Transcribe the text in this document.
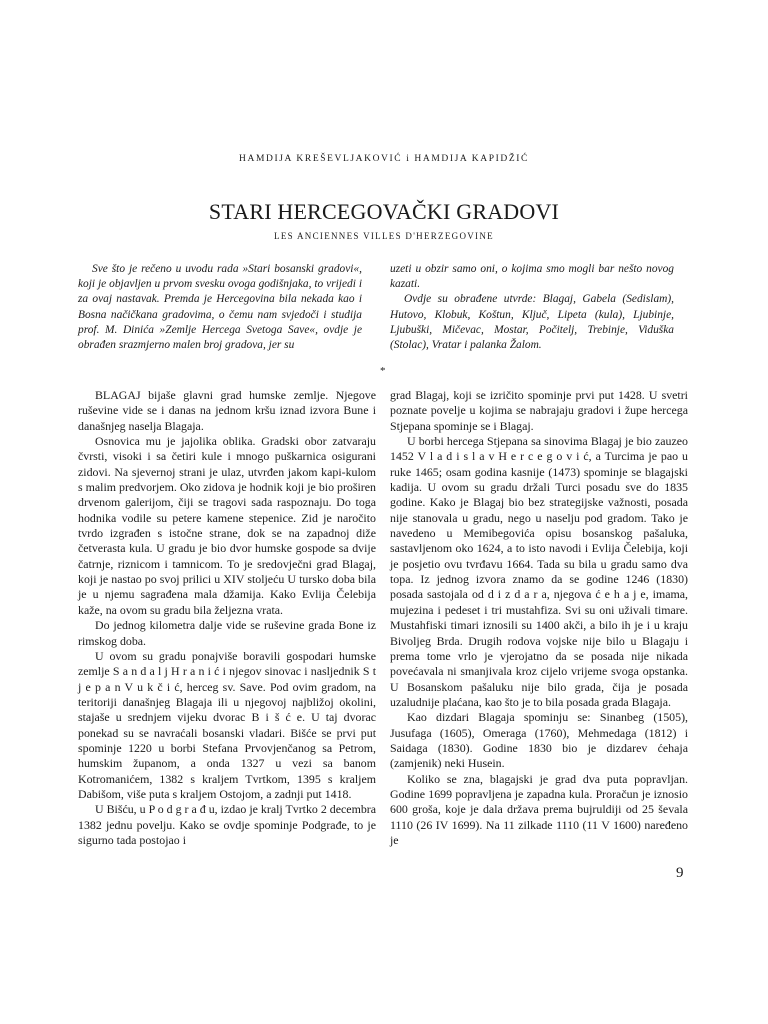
HAMDIJA KREŠEVLJAKOVIĆ i HAMDIJA KAPIDŽIĆ
STARI HERCEGOVAČKI GRADOVI
LES ANCIENNES VILLES D'HERZEGOVINE

Sve što je rečeno u uvodu rada »Stari bosanski gradovi«, koji je objavljen u prvom svesku ovoga godišnjaka, to vrijedi i za ovaj nastavak. Premda je Hercegovina bila nekada kao i Bosna načičkana gradovima, o čemu nam svjedoči i studija prof. M. Dinića »Zemlje Hercega Svetoga Save«, ovdje je obrađen srazmjerno malen broj gradova, jer su

uzeti u obzir samo oni, o kojima smo mogli bar nešto novog kazati.

Ovdje su obrađene utvrde: Blagaj, Gabela (Sedislam), Hutovo, Klobuk, Koštun, Ključ, Lipeta (kula), Ljubinje, Ljubuški, Mičevac, Mostar, Počitelj, Trebinje, Viduška (Stolac), Vratar i palanka Žalom.

*

BLAGAJ bijaše glavni grad humske zemlje. Njegove ruševine vide se i danas na jednom kršu iznad izvora Bune i današnjeg naselja Blagaja.

Osnovica mu je jajolika oblika. Gradski obor zatvaraju čvrsti, visoki i sa četiri kule i mnogo puškarnica osigurani zidovi. Na sjevernoj strani je ulaz, utvrđen jakom kapi-kulom s malim predvorjem. Oko zidova je hodnik koji je bio proširen drvenom galerijom, čiji se tragovi sada raspoznaju. Do toga hodnika vodile su petere kamene stepenice. Zid je naročito tvrdo izgrađen s istočne strane, dok se na zapadnoj diže četverasta kula. U gradu je bio dvor humske gospode sa dvije čatrnje, riznicom i tamnicom. To je sredovječni grad Blagaj, koji je nastao po svoj prilici u XIV stoljeću U tursko doba bila je u njemu sagrađena mala džamija. Kako Evlija Čelebija kaže, na ovom su gradu bila željezna vrata.

Do jednog kilometra dalje vide se ruševine grada Bone iz rimskog doba.

U ovom su gradu ponajviše boravili gospodari humske zemlje S a n d a l j H r a n i ć i njegov sinovac i nasljednik S t j e p a n V u k č i ć, herceg sv. Save. Pod ovim gradom, na teritoriji današnjeg Blagaja ili u njegovoj najbližoj okolini, stajaše u srednjem vijeku dvorac B i š ć e. U taj dvorac ponekad su se navraćali bosanski vladari. Bišće se prvi put spominje 1220 u borbi Stefana Prvovjenčanog sa Petrom, humskim županom, a onda 1327 u vezi sa banom Kotromanićem, 1382 s kraljem Tvrtkom, 1395 s kraljem Dabišom, više puta s kraljem Ostojom, a zadnji put 1418.

U Bišću, u P o d g r a đ u, izdao je kralj Tvrtko 2 decembra 1382 jednu povelju. Kako se ovdje spominje Podgrađe, to je sigurno tada postojao i

grad Blagaj, koji se izričito spominje prvi put 1428. U svetri poznate povelje u kojima se nabrajaju gradovi i župe hercega Stjepana spominje se i Blagaj.

U borbi hercega Stjepana sa sinovima Blagaj je bio zauzeo 1452 V l a d i s l a v H e r c e g o v i ć, a Turcima je pao u ruke 1465; osam godina kasnije (1473) spominje se blagajski kadija. U ovom su gradu držali Turci posadu sve do 1835 godine. Kako je Blagaj bio bez strategijske važnosti, posada nije stanovala u gradu, nego u naselju pod gradom. Tako je navedeno u Memibegovića opisu bosanskog pašaluka, sastavljenom oko 1624, a to isto navodi i Evlija Čelebija, koji je posjetio ovu tvrđavu 1664. Tada su bila u gradu samo dva topa. Iz jednog izvora znamo da se godine 1246 (1830) posada sastojala od d i z d a r a, njegova ć e h a j e, imama, mujezina i pedeset i tri mustahfiza. Svi su oni uživali timare. Mustahfiski timari iznosili su 1400 akči, a bilo ih je i u kraju Bivoljeg Brda. Drugih rodova vojske nije bilo u Blagaju i prema tome vrlo je vjerojatno da se posada nije nikada povećavala ni smanjivala kroz cijelo vrijeme svoga opstanka. U Bosanskom pašaluku nije bilo grada, čija je posada uzaludnije plaćana, kao što je to bila posada grada Blagaja.

Kao dizdari Blagaja spominju se: Sinanbeg (1505), Jusufaga (1605), Omeraga (1760), Mehmedaga (1812) i Saidaga (1830). Godine 1830 bio je dizdarev ćehaja (zamjenik) neki Husein.

Koliko se zna, blagajski je grad dva puta popravljan. Godine 1699 popravljena je zapadna kula. Proračun je iznosio 600 groša, koje je dala država prema bujruldiji od 25 ševala 1110 (26 IV 1699). Na 11 zilkade 1110 (11 V 1600) naređeno je

9
